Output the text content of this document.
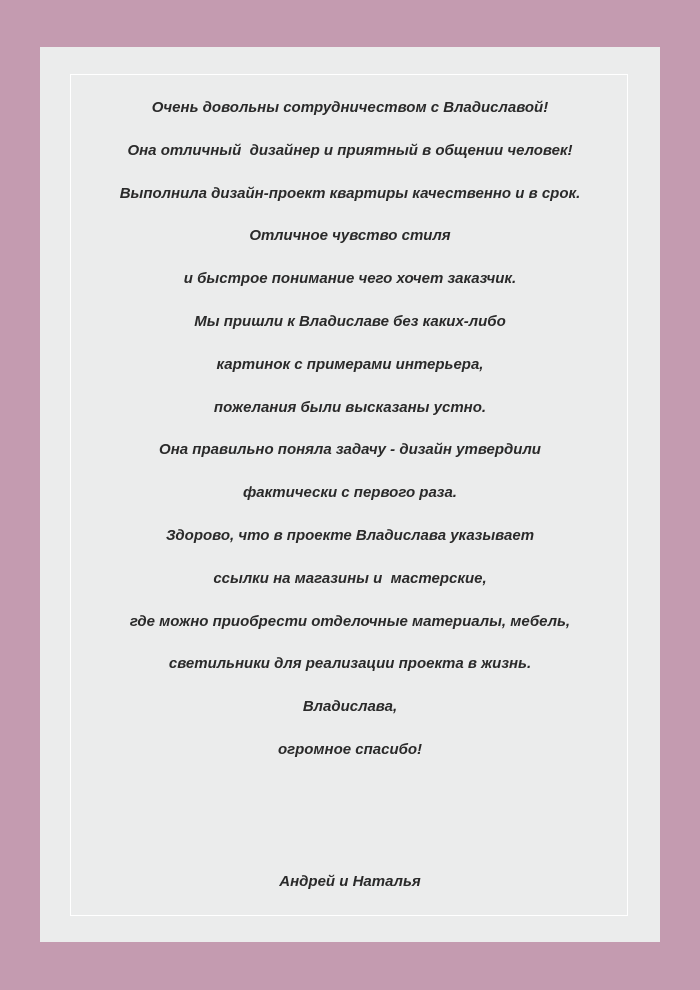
Очень довольны сотрудничеством с Владиславой!
Она отличный  дизайнер и приятный в общении человек!
Выполнила дизайн-проект квартиры качественно и в срок.
Отличное чувство стиля
и быстрое понимание чего хочет заказчик.
Мы пришли к Владиславе без каких-либо
картинок с примерами интерьера,
пожелания были высказаны устно.
Она правильно поняла задачу - дизайн утвердили
фактически с первого раза.
Здорово, что в проекте Владислава указывает
ссылки на магазины и  мастерские,
где можно приобрести отделочные материалы, мебель,
светильники для реализации проекта в жизнь.
Владислава,
огромное спасибо!
Андрей и Наталья
